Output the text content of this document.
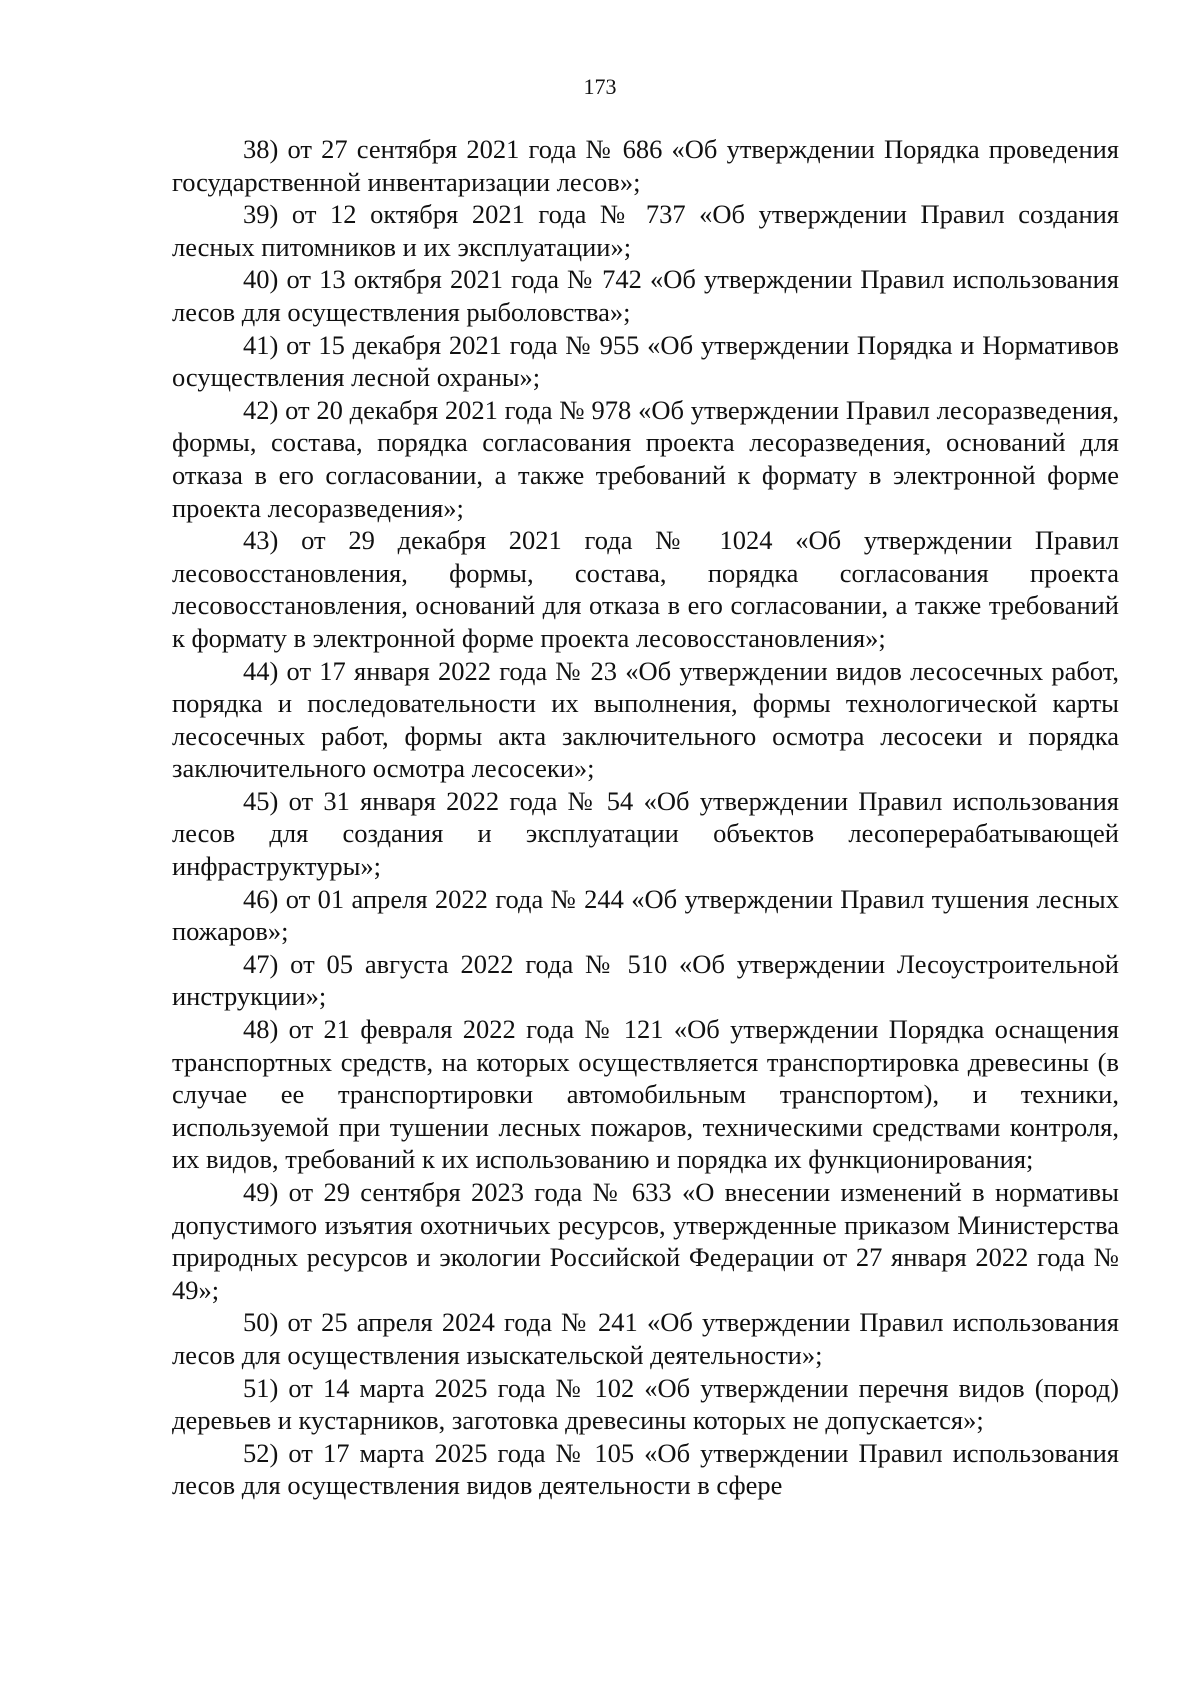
173

38) от 27 сентября 2021 года № 686 «Об утверждении Порядка проведения государственной инвентаризации лесов»;

39) от 12 октября 2021 года № 737 «Об утверждении Правил создания лесных питомников и их эксплуатации»;

40) от 13 октября 2021 года № 742 «Об утверждении Правил использования лесов для осуществления рыболовства»;

41) от 15 декабря 2021 года № 955 «Об утверждении Порядка и Нормативов осуществления лесной охраны»;

42) от 20 декабря 2021 года № 978 «Об утверждении Правил лесоразведения, формы, состава, порядка согласования проекта лесоразведения, оснований для отказа в его согласовании, а также требований к формату в электронной форме проекта лесоразведения»;

43) от 29 декабря 2021 года № 1024 «Об утверждении Правил лесовосстановления, формы, состава, порядка согласования проекта лесовосстановления, оснований для отказа в его согласовании, а также требований к формату в электронной форме проекта лесовосстановления»;

44) от 17 января 2022 года № 23 «Об утверждении видов лесосечных работ, порядка и последовательности их выполнения, формы технологической карты лесосечных работ, формы акта заключительного осмотра лесосеки и порядка заключительного осмотра лесосеки»;

45) от 31 января 2022 года № 54 «Об утверждении Правил использования лесов для создания и эксплуатации объектов лесоперерабатывающей инфраструктуры»;

46) от 01 апреля 2022 года № 244 «Об утверждении Правил тушения лесных пожаров»;

47) от 05 августа 2022 года № 510 «Об утверждении Лесоустроительной инструкции»;

48) от 21 февраля 2022 года № 121 «Об утверждении Порядка оснащения транспортных средств, на которых осуществляется транспортировка древесины (в случае ее транспортировки автомобильным транспортом), и техники, используемой при тушении лесных пожаров, техническими средствами контроля, их видов, требований к их использованию и порядка их функционирования;

49) от 29 сентября 2023 года № 633 «О внесении изменений в нормативы допустимого изъятия охотничьих ресурсов, утвержденные приказом Министерства природных ресурсов и экологии Российской Федерации от 27 января 2022 года № 49»;

50) от 25 апреля 2024 года № 241 «Об утверждении Правил использования лесов для осуществления изыскательской деятельности»;

51) от 14 марта 2025 года № 102 «Об утверждении перечня видов (пород) деревьев и кустарников, заготовка древесины которых не допускается»;

52) от 17 марта 2025 года № 105 «Об утверждении Правил использования лесов для осуществления видов деятельности в сфере
